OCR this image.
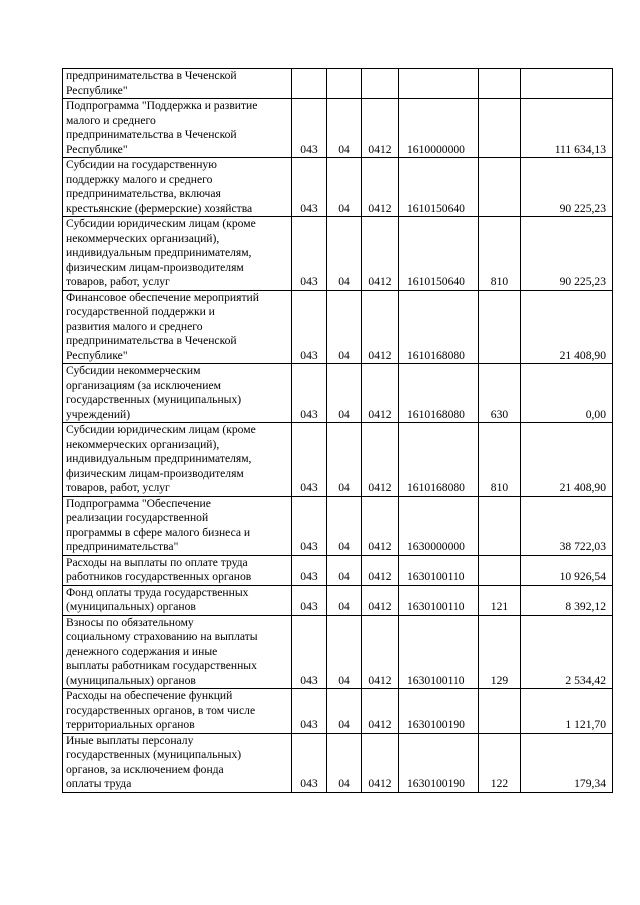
предпринимательства в Чеченской
Республике"						

Подпрограмма "Поддержка и развитие
малого и среднего
предпринимательства в Чеченской
Республике"	043	04	0412	1610000000		111 634,13

Субсидии на государственную
поддержку малого и среднего
предпринимательства, включая
крестьянские (фермерские) хозяйства	043	04	0412	1610150640		90 225,23

Субсидии юридическим лицам (кроме
некоммерческих организаций),
индивидуальным предпринимателям,
физическим лицам-производителям
товаров, работ, услуг	043	04	0412	1610150640	810	90 225,23

Финансовое обеспечение мероприятий
государственной поддержки и
развития малого и среднего
предпринимательства в Чеченской
Республике"	043	04	0412	1610168080		21 408,90

Субсидии некоммерческим
организациям (за исключением
государственных (муниципальных)
учреждений)	043	04	0412	1610168080	630	0,00

Субсидии юридическим лицам (кроме
некоммерческих организаций),
индивидуальным предпринимателям,
физическим лицам-производителям
товаров, работ, услуг	043	04	0412	1610168080	810	21 408,90

Подпрограмма "Обеспечение
реализации государственной
программы в сфере малого бизнеса и
предпринимательства"	043	04	0412	1630000000		38 722,03

Расходы на выплаты по оплате труда
работников государственных органов	043	04	0412	1630100110		10 926,54

Фонд оплаты труда государственных
(муниципальных) органов	043	04	0412	1630100110	121	8 392,12

Взносы по обязательному
социальному страхованию на выплаты
денежного содержания и иные
выплаты работникам государственных
(муниципальных) органов	043	04	0412	1630100110	129	2 534,42

Расходы на обеспечение функций
государственных органов, в том числе
территориальных органов	043	04	0412	1630100190		1 121,70

Иные выплаты персоналу
государственных (муниципальных)
органов, за исключением фонда
оплаты труда	043	04	0412	1630100190	122	179,34
